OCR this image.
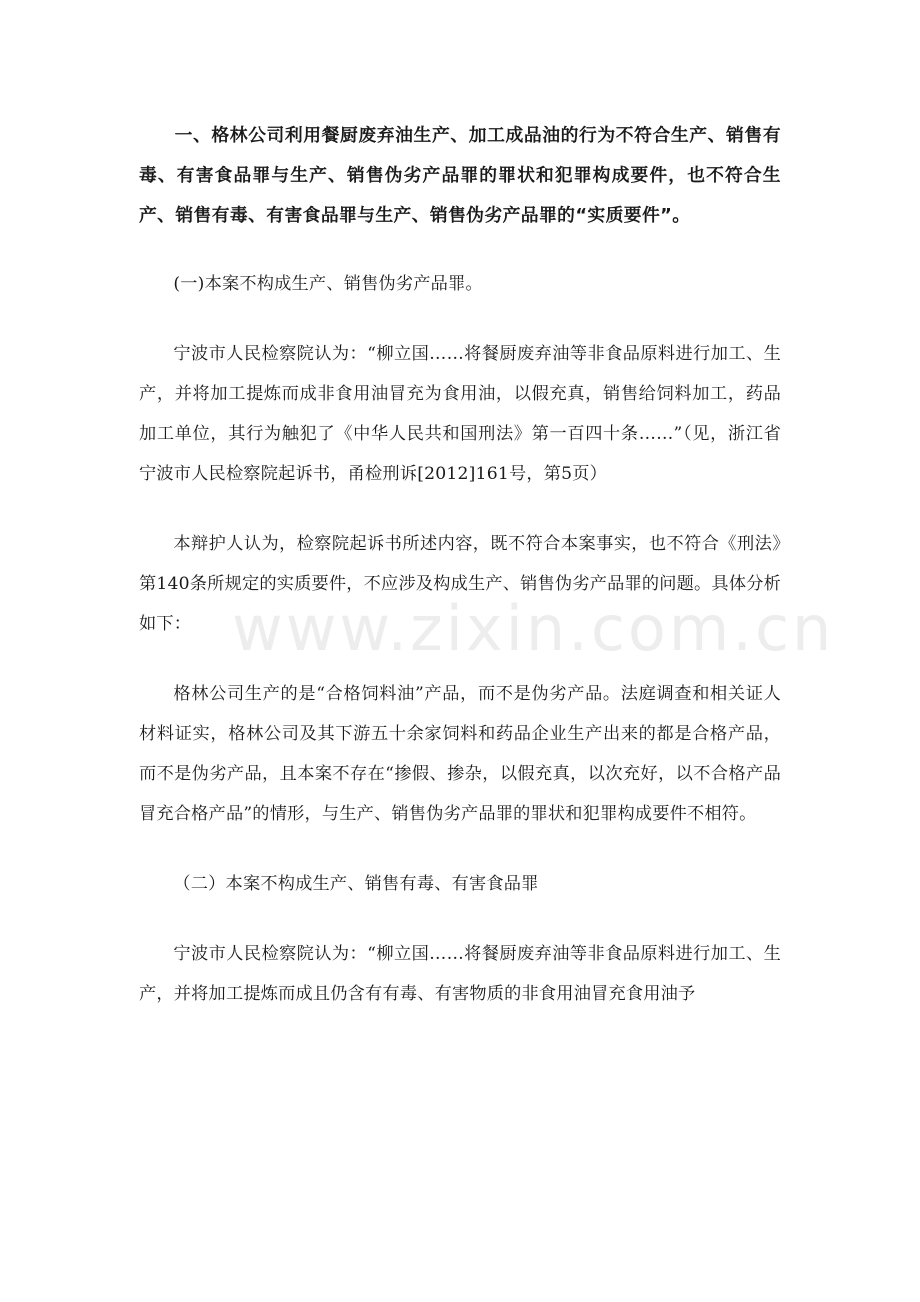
一、格林公司利用餐厨废弃油生产、加工成品油的行为不符合生产、销售有毒、有害食品罪与生产、销售伪劣产品罪的罪状和犯罪构成要件，也不符合生产、销售有毒、有害食品罪与生产、销售伪劣产品罪的“实质要件”。

(一)本案不构成生产、销售伪劣产品罪。

宁波市人民检察院认为：“柳立国……将餐厨废弃油等非食品原料进行加工、生产，并将加工提炼而成非食用油冒充为食用油，以假充真，销售给饲料加工，药品加工单位，其行为触犯了《中华人民共和国刑法》第一百四十条……”（见，浙江省宁波市人民检察院起诉书，甬检刑诉[2012]161号，第5页）

本辩护人认为，检察院起诉书所述内容，既不符合本案事实，也不符合《刑法》第140条所规定的实质要件，不应涉及构成生产、销售伪劣产品罪的问题。具体分析如下：

格林公司生产的是“合格饲料油”产品，而不是伪劣产品。法庭调查和相关证人材料证实，格林公司及其下游五十余家饲料和药品企业生产出来的都是合格产品，而不是伪劣产品，且本案不存在“掺假、掺杂，以假充真，以次充好，以不合格产品冒充合格产品”的情形，与生产、销售伪劣产品罪的罪状和犯罪构成要件不相符。

（二）本案不构成生产、销售有毒、有害食品罪

宁波市人民检察院认为：“柳立国……将餐厨废弃油等非食品原料进行加工、生产，并将加工提炼而成且仍含有有毒、有害物质的非食用油冒充食用油予

www.zixin.com.cn
